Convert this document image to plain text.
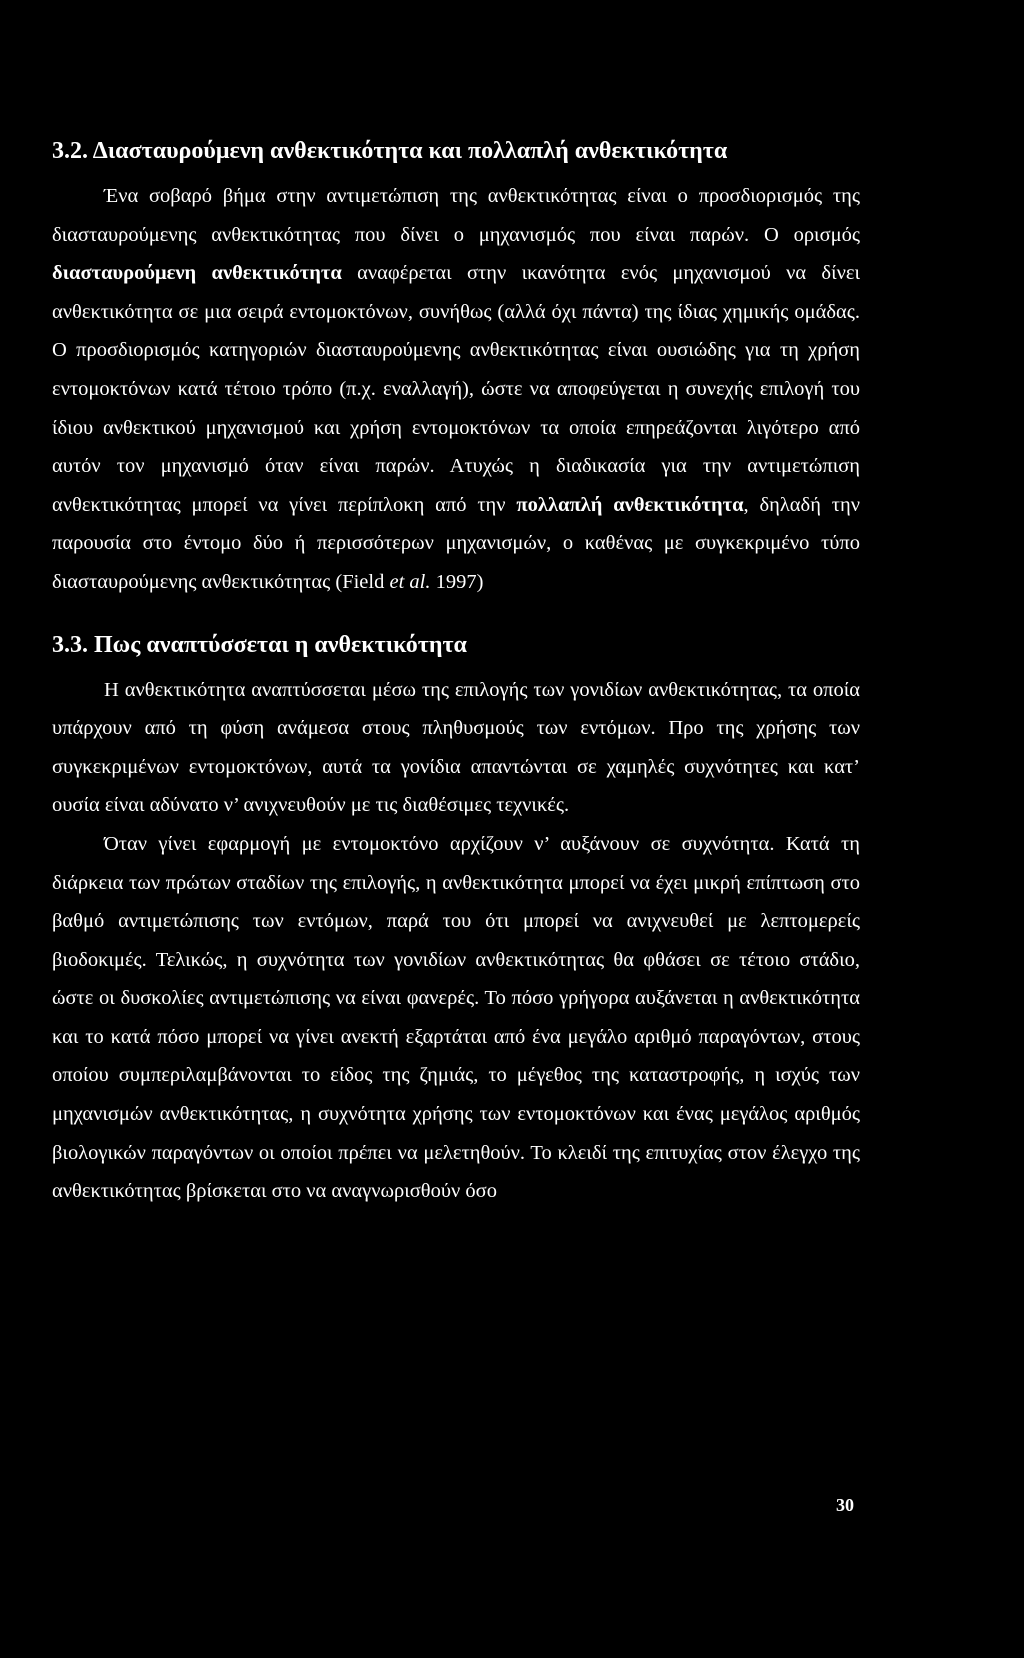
3.2. Διασταυρούμενη ανθεκτικότητα και πολλαπλή ανθεκτικότητα

Ένα σοβαρό βήμα στην αντιμετώπιση της ανθεκτικότητας είναι ο προσδιορισμός της διασταυρούμενης ανθεκτικότητας που δίνει ο μηχανισμός που είναι παρών. Ο ορισμός διασταυρούμενη ανθεκτικότητα αναφέρεται στην ικανότητα ενός μηχανισμού να δίνει ανθεκτικότητα σε μια σειρά εντομοκτόνων, συνήθως (αλλά όχι πάντα) της ίδιας χημικής ομάδας. Ο προσδιορισμός κατηγοριών διασταυρούμενης ανθεκτικότητας είναι ουσιώδης για τη χρήση εντομοκτόνων κατά τέτοιο τρόπο (π.χ. εναλλαγή), ώστε να αποφεύγεται η συνεχής επιλογή του ίδιου ανθεκτικού μηχανισμού και χρήση εντομοκτόνων τα οποία επηρεάζονται λιγότερο από αυτόν τον μηχανισμό όταν είναι παρών. Ατυχώς η διαδικασία για την αντιμετώπιση ανθεκτικότητας μπορεί να γίνει περίπλοκη από την πολλαπλή ανθεκτικότητα, δηλαδή την παρουσία στο έντομο δύο ή περισσότερων μηχανισμών, ο καθένας με συγκεκριμένο τύπο διασταυρούμενης ανθεκτικότητας (Field et al. 1997)

3.3. Πως αναπτύσσεται η ανθεκτικότητα

Η ανθεκτικότητα αναπτύσσεται μέσω της επιλογής των γονιδίων ανθεκτικότητας, τα οποία υπάρχουν από τη φύση ανάμεσα στους πληθυσμούς των εντόμων. Προ της χρήσης των συγκεκριμένων εντομοκτόνων, αυτά τα γονίδια απαντώνται σε χαμηλές συχνότητες και κατ’ ουσία είναι αδύνατο ν’ ανιχνευθούν με τις διαθέσιμες τεχνικές.

Όταν γίνει εφαρμογή με εντομοκτόνο αρχίζουν ν’ αυξάνουν σε συχνότητα. Κατά τη διάρκεια των πρώτων σταδίων της επιλογής, η ανθεκτικότητα μπορεί να έχει μικρή επίπτωση στο βαθμό αντιμετώπισης των εντόμων, παρά του ότι μπορεί να ανιχνευθεί με λεπτομερείς βιοδοκιμές. Τελικώς, η συχνότητα των γονιδίων ανθεκτικότητας θα φθάσει σε τέτοιο στάδιο, ώστε οι δυσκολίες αντιμετώπισης να είναι φανερές. Το πόσο γρήγορα αυξάνεται η ανθεκτικότητα και το κατά πόσο μπορεί να γίνει ανεκτή εξαρτάται από ένα μεγάλο αριθμό παραγόντων, στους οποίου συμπεριλαμβάνονται το είδος της ζημιάς, το μέγεθος της καταστροφής, η ισχύς των μηχανισμών ανθεκτικότητας, η συχνότητα χρήσης των εντομοκτόνων και ένας μεγάλος αριθμός βιολογικών παραγόντων οι οποίοι πρέπει να μελετηθούν. Το κλειδί της επιτυχίας στον έλεγχο της ανθεκτικότητας βρίσκεται στο να αναγνωρισθούν όσο

30
